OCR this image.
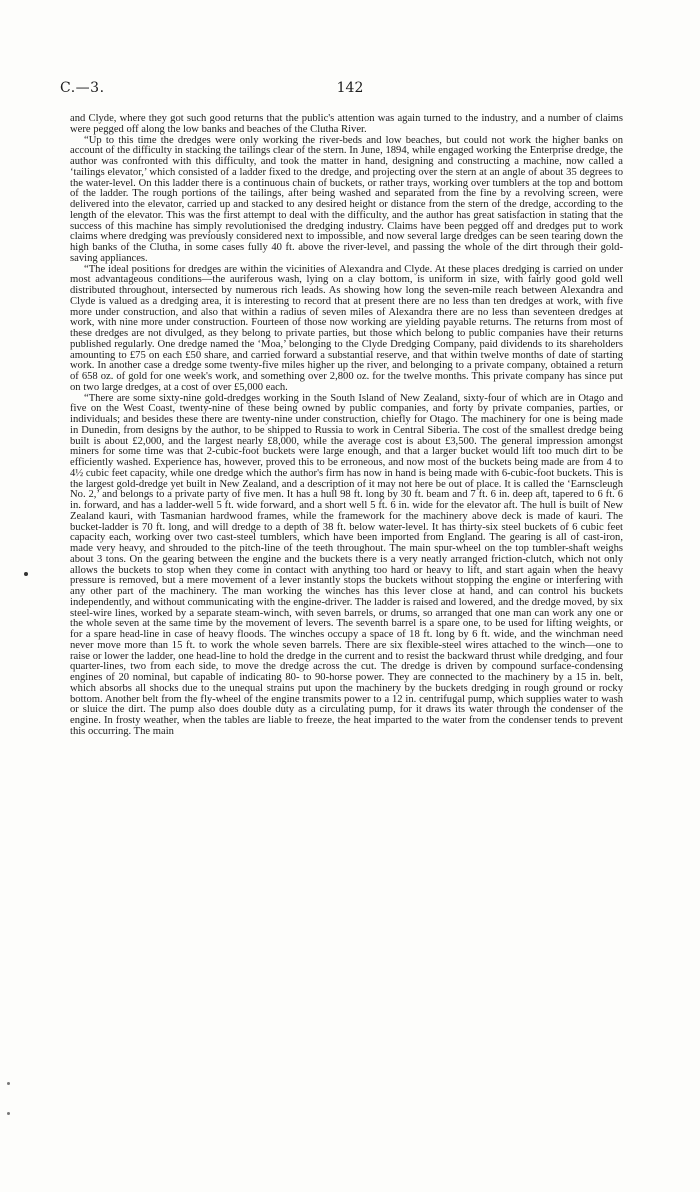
C.—3.	142

and Clyde, where they got such good returns that the public's attention was again turned to the industry, and a number of claims were pegged off along the low banks and beaches of the Clutha River.

“Up to this time the dredges were only working the river-beds and low beaches, but could not work the higher banks on account of the difficulty in stacking the tailings clear of the stern. In June, 1894, while engaged working the Enterprise dredge, the author was confronted with this difficulty, and took the matter in hand, designing and constructing a machine, now called a ‘tailings elevator,’ which consisted of a ladder fixed to the dredge, and projecting over the stern at an angle of about 35 degrees to the water-level. On this ladder there is a continuous chain of buckets, or rather trays, working over tumblers at the top and bottom of the ladder. The rough portions of the tailings, after being washed and separated from the fine by a revolving screen, were delivered into the elevator, carried up and stacked to any desired height or distance from the stern of the dredge, according to the length of the elevator. This was the first attempt to deal with the difficulty, and the author has great satisfaction in stating that the success of this machine has simply revolutionised the dredging industry. Claims have been pegged off and dredges put to work claims where dredging was previously considered next to impossible, and now several large dredges can be seen tearing down the high banks of the Clutha, in some cases fully 40 ft. above the river-level, and passing the whole of the dirt through their gold-saving appliances.

“The ideal positions for dredges are within the vicinities of Alexandra and Clyde. At these places dredging is carried on under most advantageous conditions—the auriferous wash, lying on a clay bottom, is uniform in size, with fairly good gold well distributed throughout, intersected by numerous rich leads. As showing how long the seven-mile reach between Alexandra and Clyde is valued as a dredging area, it is interesting to record that at present there are no less than ten dredges at work, with five more under construction, and also that within a radius of seven miles of Alexandra there are no less than seventeen dredges at work, with nine more under construction. Fourteen of those now working are yielding payable returns. The returns from most of these dredges are not divulged, as they belong to private parties, but those which belong to public companies have their returns published regularly. One dredge named the ‘Moa,’ belonging to the Clyde Dredging Company, paid dividends to its shareholders amounting to £75 on each £50 share, and carried forward a substantial reserve, and that within twelve months of date of starting work. In another case a dredge some twenty-five miles higher up the river, and belonging to a private company, obtained a return of 658 oz. of gold for one week's work, and something over 2,800 oz. for the twelve months. This private company has since put on two large dredges, at a cost of over £5,000 each.

“There are some sixty-nine gold-dredges working in the South Island of New Zealand, sixty-four of which are in Otago and five on the West Coast, twenty-nine of these being owned by public companies, and forty by private companies, parties, or individuals; and besides these there are twenty-nine under construction, chiefly for Otago. The machinery for one is being made in Dunedin, from designs by the author, to be shipped to Russia to work in Central Siberia. The cost of the smallest dredge being built is about £2,000, and the largest nearly £8,000, while the average cost is about £3,500. The general impression amongst miners for some time was that 2-cubic-foot buckets were large enough, and that a larger bucket would lift too much dirt to be efficiently washed. Experience has, however, proved this to be erroneous, and now most of the buckets being made are from 4 to 4½ cubic feet capacity, while one dredge which the author's firm has now in hand is being made with 6-cubic-foot buckets. This is the largest gold-dredge yet built in New Zealand, and a description of it may not here be out of place. It is called the ‘Earnscleugh No. 2,’ and belongs to a private party of five men. It has a hull 98 ft. long by 30 ft. beam and 7 ft. 6 in. deep aft, tapered to 6 ft. 6 in. forward, and has a ladder-well 5 ft. wide forward, and a short well 5 ft. 6 in. wide for the elevator aft. The hull is built of New Zealand kauri, with Tasmanian hardwood frames, while the framework for the machinery above deck is made of kauri. The bucket-ladder is 70 ft. long, and will dredge to a depth of 38 ft. below water-level. It has thirty-six steel buckets of 6 cubic feet capacity each, working over two cast-steel tumblers, which have been imported from England. The gearing is all of cast-iron, made very heavy, and shrouded to the pitch-line of the teeth throughout. The main spur-wheel on the top tumbler-shaft weighs about 3 tons. On the gearing between the engine and the buckets there is a very neatly arranged friction-clutch, which not only allows the buckets to stop when they come in contact with anything too hard or heavy to lift, and start again when the heavy pressure is removed, but a mere movement of a lever instantly stops the buckets without stopping the engine or interfering with any other part of the machinery. The man working the winches has this lever close at hand, and can control his buckets independently, and without communicating with the engine-driver. The ladder is raised and lowered, and the dredge moved, by six steel-wire lines, worked by a separate steam-winch, with seven barrels, or drums, so arranged that one man can work any one or the whole seven at the same time by the movement of levers. The seventh barrel is a spare one, to be used for lifting weights, or for a spare head-line in case of heavy floods. The winches occupy a space of 18 ft. long by 6 ft. wide, and the winchman need never move more than 15 ft. to work the whole seven barrels. There are six flexible-steel wires attached to the winch—one to raise or lower the ladder, one head-line to hold the dredge in the current and to resist the backward thrust while dredging, and four quarter-lines, two from each side, to move the dredge across the cut. The dredge is driven by compound surface-condensing engines of 20 nominal, but capable of indicating 80- to 90-horse power. They are connected to the machinery by a 15 in. belt, which absorbs all shocks due to the unequal strains put upon the machinery by the buckets dredging in rough ground or rocky bottom. Another belt from the fly-wheel of the engine transmits power to a 12 in. centrifugal pump, which supplies water to wash or sluice the dirt. The pump also does double duty as a circulating pump, for it draws its water through the condenser of the engine. In frosty weather, when the tables are liable to freeze, the heat imparted to the water from the condenser tends to prevent this occurring. The main
